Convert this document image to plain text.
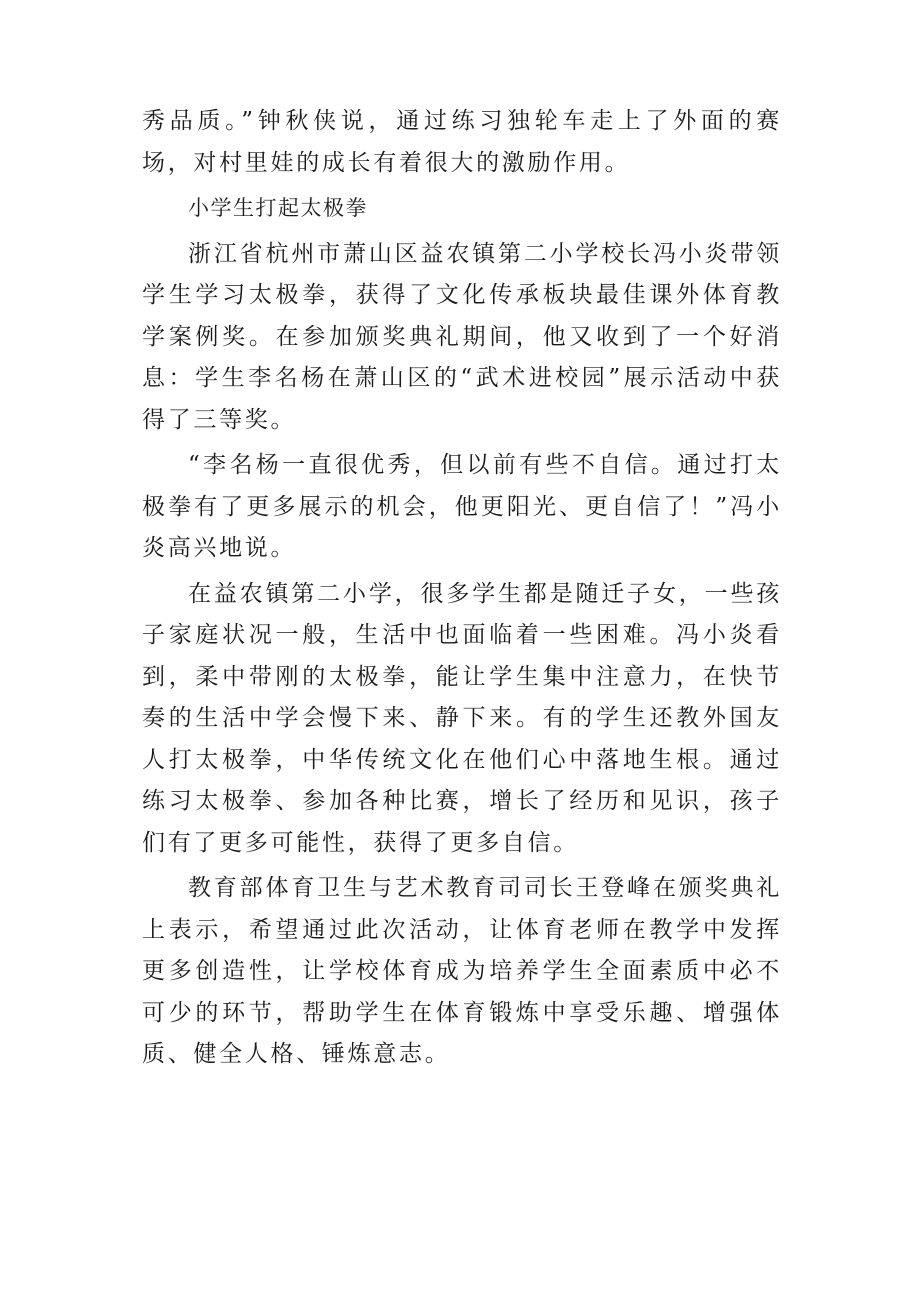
秀品质。”钟秋侠说，通过练习独轮车走上了外面的赛场，对村里娃的成长有着很大的激励作用。

小学生打起太极拳

浙江省杭州市萧山区益农镇第二小学校长冯小炎带领学生学习太极拳，获得了文化传承板块最佳课外体育教学案例奖。在参加颁奖典礼期间，他又收到了一个好消息：学生李名杨在萧山区的“武术进校园”展示活动中获得了三等奖。

“李名杨一直很优秀，但以前有些不自信。通过打太极拳有了更多展示的机会，他更阳光、更自信了！”冯小炎高兴地说。

在益农镇第二小学，很多学生都是随迁子女，一些孩子家庭状况一般，生活中也面临着一些困难。冯小炎看到，柔中带刚的太极拳，能让学生集中注意力，在快节奏的生活中学会慢下来、静下来。有的学生还教外国友人打太极拳，中华传统文化在他们心中落地生根。通过练习太极拳、参加各种比赛，增长了经历和见识，孩子们有了更多可能性，获得了更多自信。

教育部体育卫生与艺术教育司司长王登峰在颁奖典礼上表示，希望通过此次活动，让体育老师在教学中发挥更多创造性，让学校体育成为培养学生全面素质中必不可少的环节，帮助学生在体育锻炼中享受乐趣、增强体质、健全人格、锤炼意志。
